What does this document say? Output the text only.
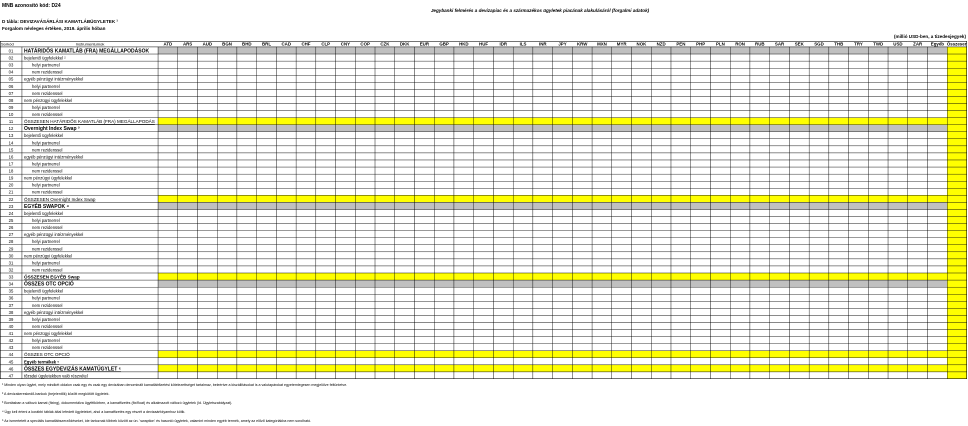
MNB azonosító kód: D24
Jegybanki felmérés a devizapiac és a származékos ügyletek piacának alakulásáról (forgalmi adatok)
D tábla: DEVIZAVÁSÁRLÁSI KAMATLÁBÜGYLETEK ¹
Forgalom névleges értéken, 2019. április hóban
(millió USD-ben, a tizedesjegyek)
Sorkód	Instrumentumok	ATD ARS AUD BGN BHD BRL CAD CHF CLP CNY COP CZK DKK EUR GBP HKD HUF	IDR	ILS	INR	JPY KRW MXN MYR NOK NZD PEN PHP PLN RON RUB SAR SEK SGD THB TRY TWD USD ZAR Egyéb Összesen
01 HATÁRIDŐS KAMATLÁB (FRA) MEGÁLLAPODÁSOK
02	bejelentő ügyfelekkel ²
03	helyi partnerrel
04	nem rezidenssel
05	egyéb pénzügyi intézményekkel
06	helyi partnerrel
07	nem rezidenssel
08	nem pénzügyi ügyfelekkel
09	helyi partnerrel
10	nem rezidenssel
11 ÖSSZESEN HATÁRIDŐS KAMATLÁB (FRA) MEGÁLLAPODÁS
12 Overnight Index Swap ³
13	bejelentő ügyfelekkel
14	helyi partnerrel
15	nem rezidenssel
16	egyéb pénzügyi intézményekkel
17	helyi partnerrel
18	nem rezidenssel
19	nem pénzügyi ügyfelekkel
20	helyi partnerrel
21	nem rezidenssel
22 ÖSSZESEN Overnight Index Swap
23 EGYÉB SWAPOK ⁴
24	bejelentő ügyfelekkel
25	helyi partnerrel
26	nem rezidenssel
27	egyéb pénzügyi intézményekkel
28	helyi partnerrel
29	nem rezidenssel
30	nem pénzügyi ügyfelekkel
31	helyi partnerrel
32	nem rezidenssel
33 ÖSSZESEN EGYÉB Swap
34 ÖSSZES OTC OPCIÓ
35	bejelentő ügyfelekkel
36	helyi partnerrel
37	nem rezidenssel
38	egyéb pénzügyi intézményekkel
39	helyi partnerrel
40	nem rezidenssel
41	nem pénzügyi ügyfelekkel
42	helyi partnerrel
43	nem rezidenssel
44 ÖSSZES OTC OPCIÓ
45	Egyéb termékek ⁵
46 ÖSSZES EGYDEVIZÁS KAMATÜGYLET ⁶
47	tőzsdei ügyletekben való részvétel
¹ Minden olyan ügylet, mely mindkét oldalon csak egy és csak egy devizában denominált kamatlábfizetési kötelezettséget tartalmaz, beleértve a kiszállításokat is a valutapárokat egyetemlegesen megjelölve feltüntetve.
² A devizakereskedő-bankok (bejelentők) között megkötött ügyletek.
³ Bontásban a változó kamat (fixing), dokumentálva ügyfélkörben, a kamatfizetés (fix/float) és alkalmazott változó ügyletek (ld. Ügyletszabályzat).
⁴ Úgy kell érteni a korábbi táblák által lefedett ügyleteket, ahol a kamatfizetés egy részét a devizaárfolyamhoz kötik.
⁵ Az ismertetett a speciális kamatlábszerződéseket, ide tartoznak többek között az ún. 'swaption' és hasonló ügyletek, valamint minden egyéb termék, amely az előző kategóriákba nem sorolható.
